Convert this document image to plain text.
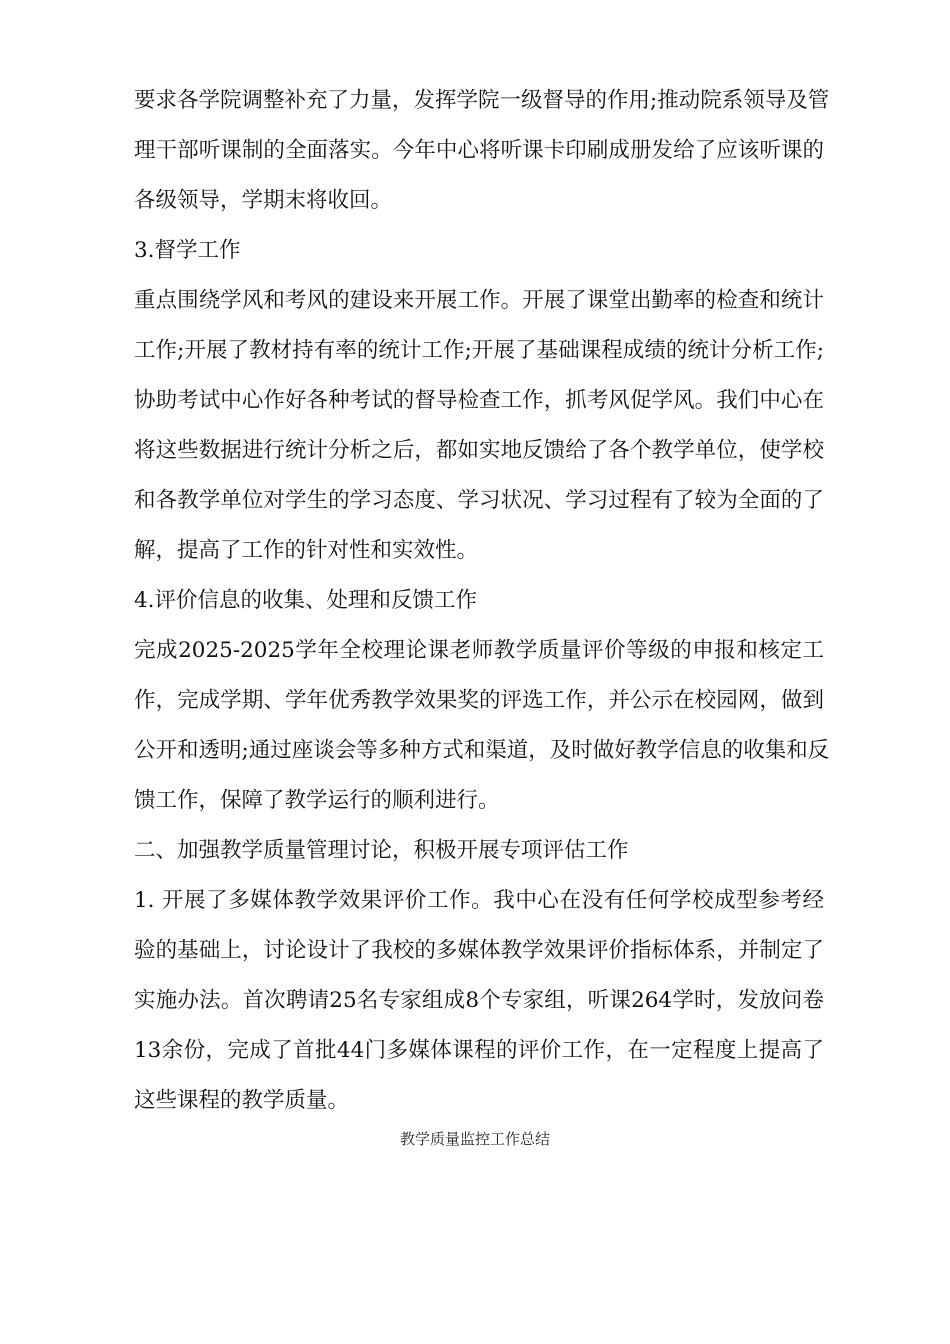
要求各学院调整补充了力量，发挥学院一级督导的作用;推动院系领导及管
理干部听课制的全面落实。今年中心将听课卡印刷成册发给了应该听课的
各级领导，学期末将收回。
3.督学工作
重点围绕学风和考风的建设来开展工作。开展了课堂出勤率的检查和统计
工作;开展了教材持有率的统计工作;开展了基础课程成绩的统计分析工作;
协助考试中心作好各种考试的督导检查工作，抓考风促学风。我们中心在
将这些数据进行统计分析之后，都如实地反馈给了各个教学单位，使学校
和各教学单位对学生的学习态度、学习状况、学习过程有了较为全面的了
解，提高了工作的针对性和实效性。
4.评价信息的收集、处理和反馈工作
完成2025-2025学年全校理论课老师教学质量评价等级的申报和核定工
作，完成学期、学年优秀教学效果奖的评选工作，并公示在校园网，做到
公开和透明;通过座谈会等多种方式和渠道，及时做好教学信息的收集和反
馈工作，保障了教学运行的顺利进行。
二、加强教学质量管理讨论，积极开展专项评估工作
1. 开展了多媒体教学效果评价工作。我中心在没有任何学校成型参考经
验的基础上，讨论设计了我校的多媒体教学效果评价指标体系，并制定了
实施办法。首次聘请25名专家组成8个专家组，听课264学时，发放问卷
13余份，完成了首批44门多媒体课程的评价工作，在一定程度上提高了
这些课程的教学质量。
教学质量监控工作总结
